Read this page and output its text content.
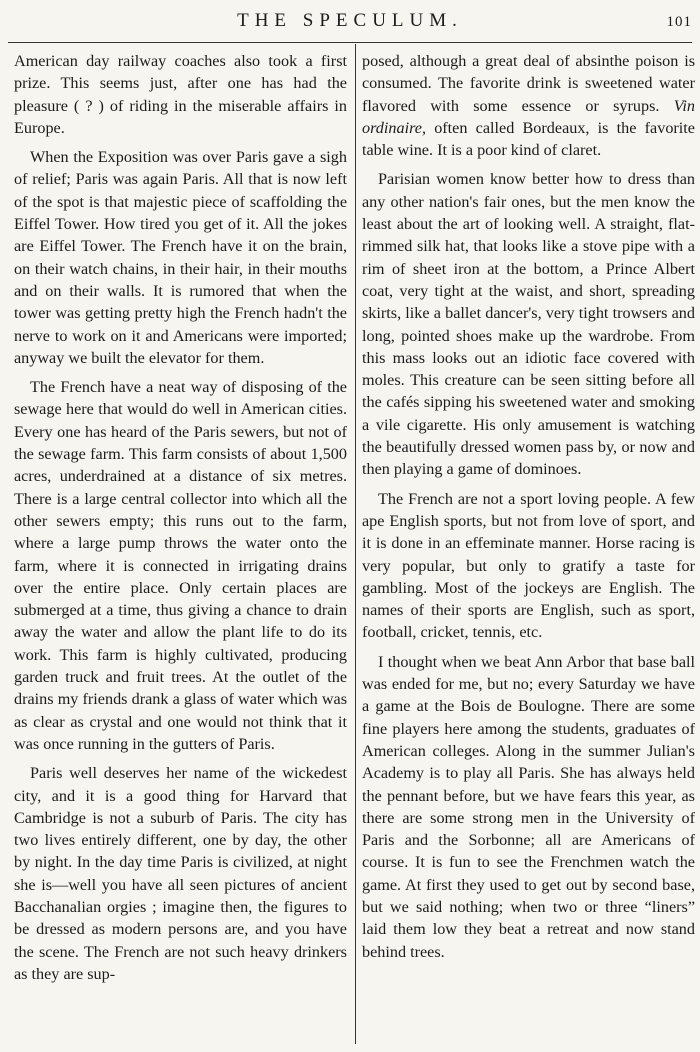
THE SPECULUM.	101

American day railway coaches also took a first prize. This seems just, after one has had the pleasure ( ? ) of riding in the miserable affairs in Europe.

When the Exposition was over Paris gave a sigh of relief; Paris was again Paris. All that is now left of the spot is that majestic piece of scaffolding the Eiffel Tower. How tired you get of it. All the jokes are Eiffel Tower. The French have it on the brain, on their watch chains, in their hair, in their mouths and on their walls. It is rumored that when the tower was getting pretty high the French hadn't the nerve to work on it and Americans were imported; anyway we built the elevator for them.

The French have a neat way of disposing of the sewage here that would do well in American cities. Every one has heard of the Paris sewers, but not of the sewage farm. This farm consists of about 1,500 acres, underdrained at a distance of six metres. There is a large central collector into which all the other sewers empty; this runs out to the farm, where a large pump throws the water onto the farm, where it is connected in irrigating drains over the entire place. Only certain places are submerged at a time, thus giving a chance to drain away the water and allow the plant life to do its work. This farm is highly cultivated, producing garden truck and fruit trees. At the outlet of the drains my friends drank a glass of water which was as clear as crystal and one would not think that it was once running in the gutters of Paris.

Paris well deserves her name of the wickedest city, and it is a good thing for Harvard that Cambridge is not a suburb of Paris. The city has two lives entirely different, one by day, the other by night. In the day time Paris is civilized, at night she is—well you have all seen pictures of ancient Bacchanalian orgies ; imagine then, the figures to be dressed as modern persons are, and you have the scene. The French are not such heavy drinkers as they are sup-

posed, although a great deal of absinthe poison is consumed. The favorite drink is sweetened water flavored with some essence or syrups. Vin ordinaire, often called Bordeaux, is the favorite table wine. It is a poor kind of claret.

Parisian women know better how to dress than any other nation's fair ones, but the men know the least about the art of looking well. A straight, flat-rimmed silk hat, that looks like a stove pipe with a rim of sheet iron at the bottom, a Prince Albert coat, very tight at the waist, and short, spreading skirts, like a ballet dancer's, very tight trowsers and long, pointed shoes make up the wardrobe. From this mass looks out an idiotic face covered with moles. This creature can be seen sitting before all the cafés sipping his sweetened water and smoking a vile cigarette. His only amusement is watching the beautifully dressed women pass by, or now and then playing a game of dominoes.

The French are not a sport loving people. A few ape English sports, but not from love of sport, and it is done in an effeminate manner. Horse racing is very popular, but only to gratify a taste for gambling. Most of the jockeys are English. The names of their sports are English, such as sport, football, cricket, tennis, etc.

I thought when we beat Ann Arbor that base ball was ended for me, but no; every Saturday we have a game at the Bois de Boulogne. There are some fine players here among the students, graduates of American colleges. Along in the summer Julian's Academy is to play all Paris. She has always held the pennant before, but we have fears this year, as there are some strong men in the University of Paris and the Sorbonne; all are Americans of course. It is fun to see the Frenchmen watch the game. At first they used to get out by second base, but we said nothing; when two or three “liners” laid them low they beat a retreat and now stand behind trees.
